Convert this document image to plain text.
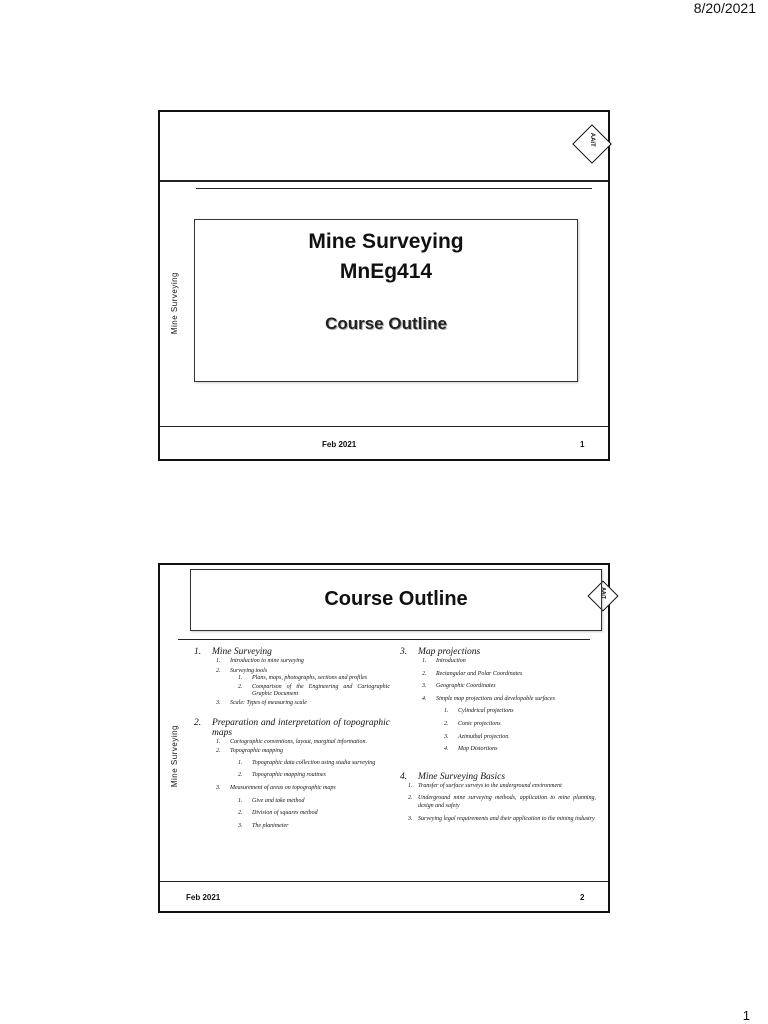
8/20/2021
AAiT
Mine Surveying
Mine Surveying
MnEg414
Course Outline
Feb 2021	1
AAiT
Course Outline
Mine Surveying
1. Mine Surveying
1.	Introduction to mine surveying
2.	Surveying tools
1.	Plans, maps, photographs, sections and profiles
2.	Comparison of the Engineering and Cartographic Graphic Document
3.	Scale: Types of measuring scale
2.	Preparation and interpretation of topographic maps
1.	Cartographic conventions, layout, marginal information.
2.	Topographic mapping
1.	Topographic data collection using stadia surveying
2.	Topographic mapping routines
3.	Measurement of areas on topographic maps
1.	Give and take method
2.	Division of squares method
3.	The planimeter
3. Map projections
1.	Introduction
2.	Rectangular and Polar Coordinates
3.	Geographic Coordinates
4.	Simple map projections and developable surfaces
1.	Cylindrical projections
2.	Conic projections
3.	Azimuthal projection.
4.	Map Distortions
4. Mine Surveying Basics
1. Transfer of surface surveys to the underground environment
2. Underground mine surveying methods, application to mine planning, design and safety
3. Surveying legal requirements and their application to the mining industry
Feb 2021	2
1
